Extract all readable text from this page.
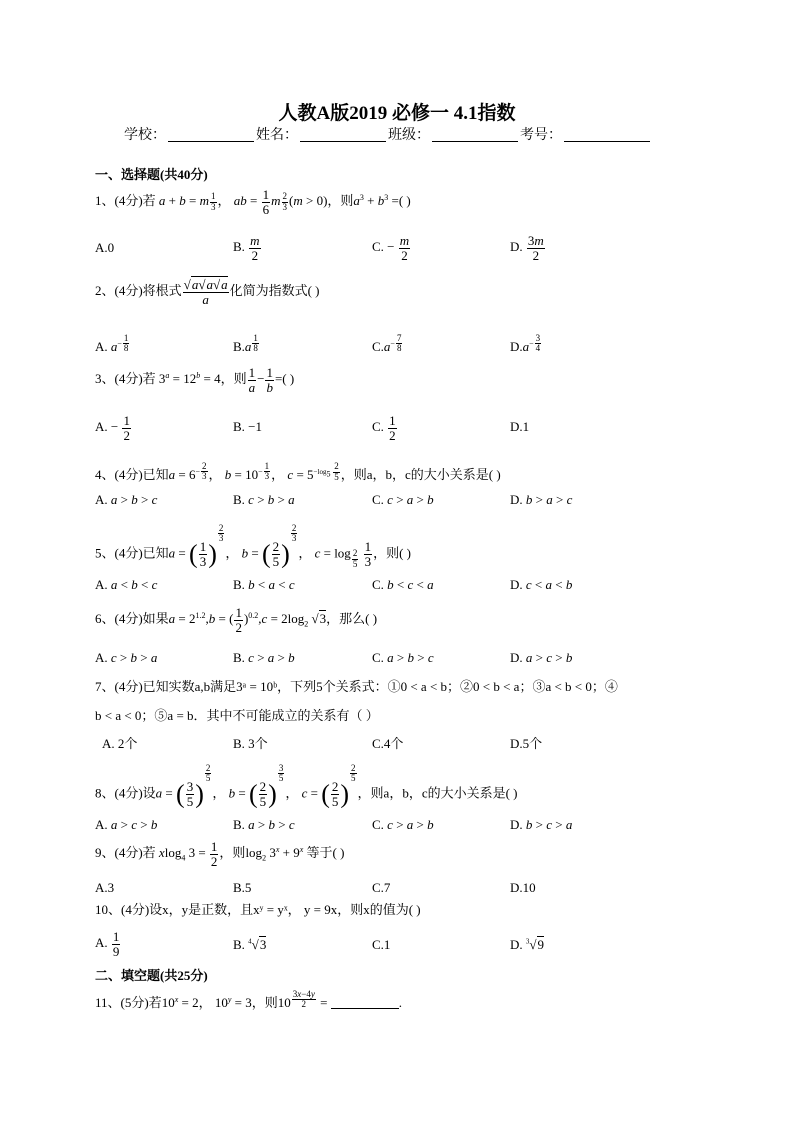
人教A版2019 必修一 4.1指数
学校：	姓名：	班级：	考号：
一、选择题(共40分)
1、(4分)若 a + b = m $\frac{1}{3}$ ， ab = $\frac{1}{6}$ m $\frac{2}{3} (m > 0)$，则$a^3 + b^3$ =( )
A.0	B. $\frac{m}{2}$	C. − $\frac{m}{2}$	D. $\frac{3m}{2}$
2、(4分)将根式 $\frac{√a√a√a}{a}$ 化简为指数式( )
A. $a^{- \frac{1}{8}}$	B.a $^{\frac{1}{8}}$	$C.a^{- \frac{7}{8}}$	$D.a^{- \frac{3}{4}}$
3、(4分)若 $3^a = 12^b = 4$，则 $\frac{1}{a} - \frac{1}{b}$ =( )
A. − $\frac{1}{2}$	B. −1	C. $\frac{1}{2}$	D.1
4、(4分)已知$a = 6^{- \frac{2}{3}}$ ， $b = 10^{- \frac{1}{3}}$ ， $c = 5^{-log_5 \frac{2}{5}}$ ，则a，b，c的大小关系是( )
A. a > b > c	B. c > b > a	C. c > a > b	D. b > a > c
5、(4分)已知a = ( $\frac{1}{3}$ )
$^{\frac{2}{3}}$
， b = ( $\frac{2}{5}$ )
$^{\frac{2}{3}}$
， c = log $_{\frac{2}{5}}$
$\frac{1}{3}$ ，则( )
A. a < b < c	B. b < a < c	C. b < c < a	D. c < a < b
6、(4分)如果$a = 2^{1.2},b$ = ( $\frac{1}{2} )^{0.2},c = 2\log_2$ √3，那么( )
A. c > b > a	B. c > a > b	C. a > b > c	D. a > c > b
7、(4分)已知实数a,b满足3ᵃ = 10ᵇ，下列5个关系式：①0 < a < b；②0 < b < a；③a < b < 0；④
b < a < 0；⑤a = b．其中不可能成立的关系有（ ）
A. 2个	B. 3个	C.4个	D.5个
8、(4分)设a = ( $\frac{3}{5}$ )
$^{\frac{2}{5}}$
， b = ( $\frac{2}{5}$ )
$^{\frac{3}{5}}$
， c = ( $\frac{2}{5}$ )
$^{\frac{2}{5}}$
，则a，b，c的大小关系是( )
A. a > c > b	B. a > b > c	C. c > a > b	D. b > c > a
9、(4分)若 xlog$_4$ $3 = \frac{1}{2}$ ，则$\log_2 3^x + 9^x$ 等于( )
A.3	B.5	C.7	D.10
10、(4分)设x，y是正数，且xʸ = yˣ， y = 9x，则x的值为( )
A. $\frac{1}{9}$	B. $^4$√3	C.1	D. $^3$√9
二、填空题(共25分)
11、(5分)若$10^x = 2$， $10^y = 3$，则10 $^{\frac{3x-4y}{2}}$ =	.
